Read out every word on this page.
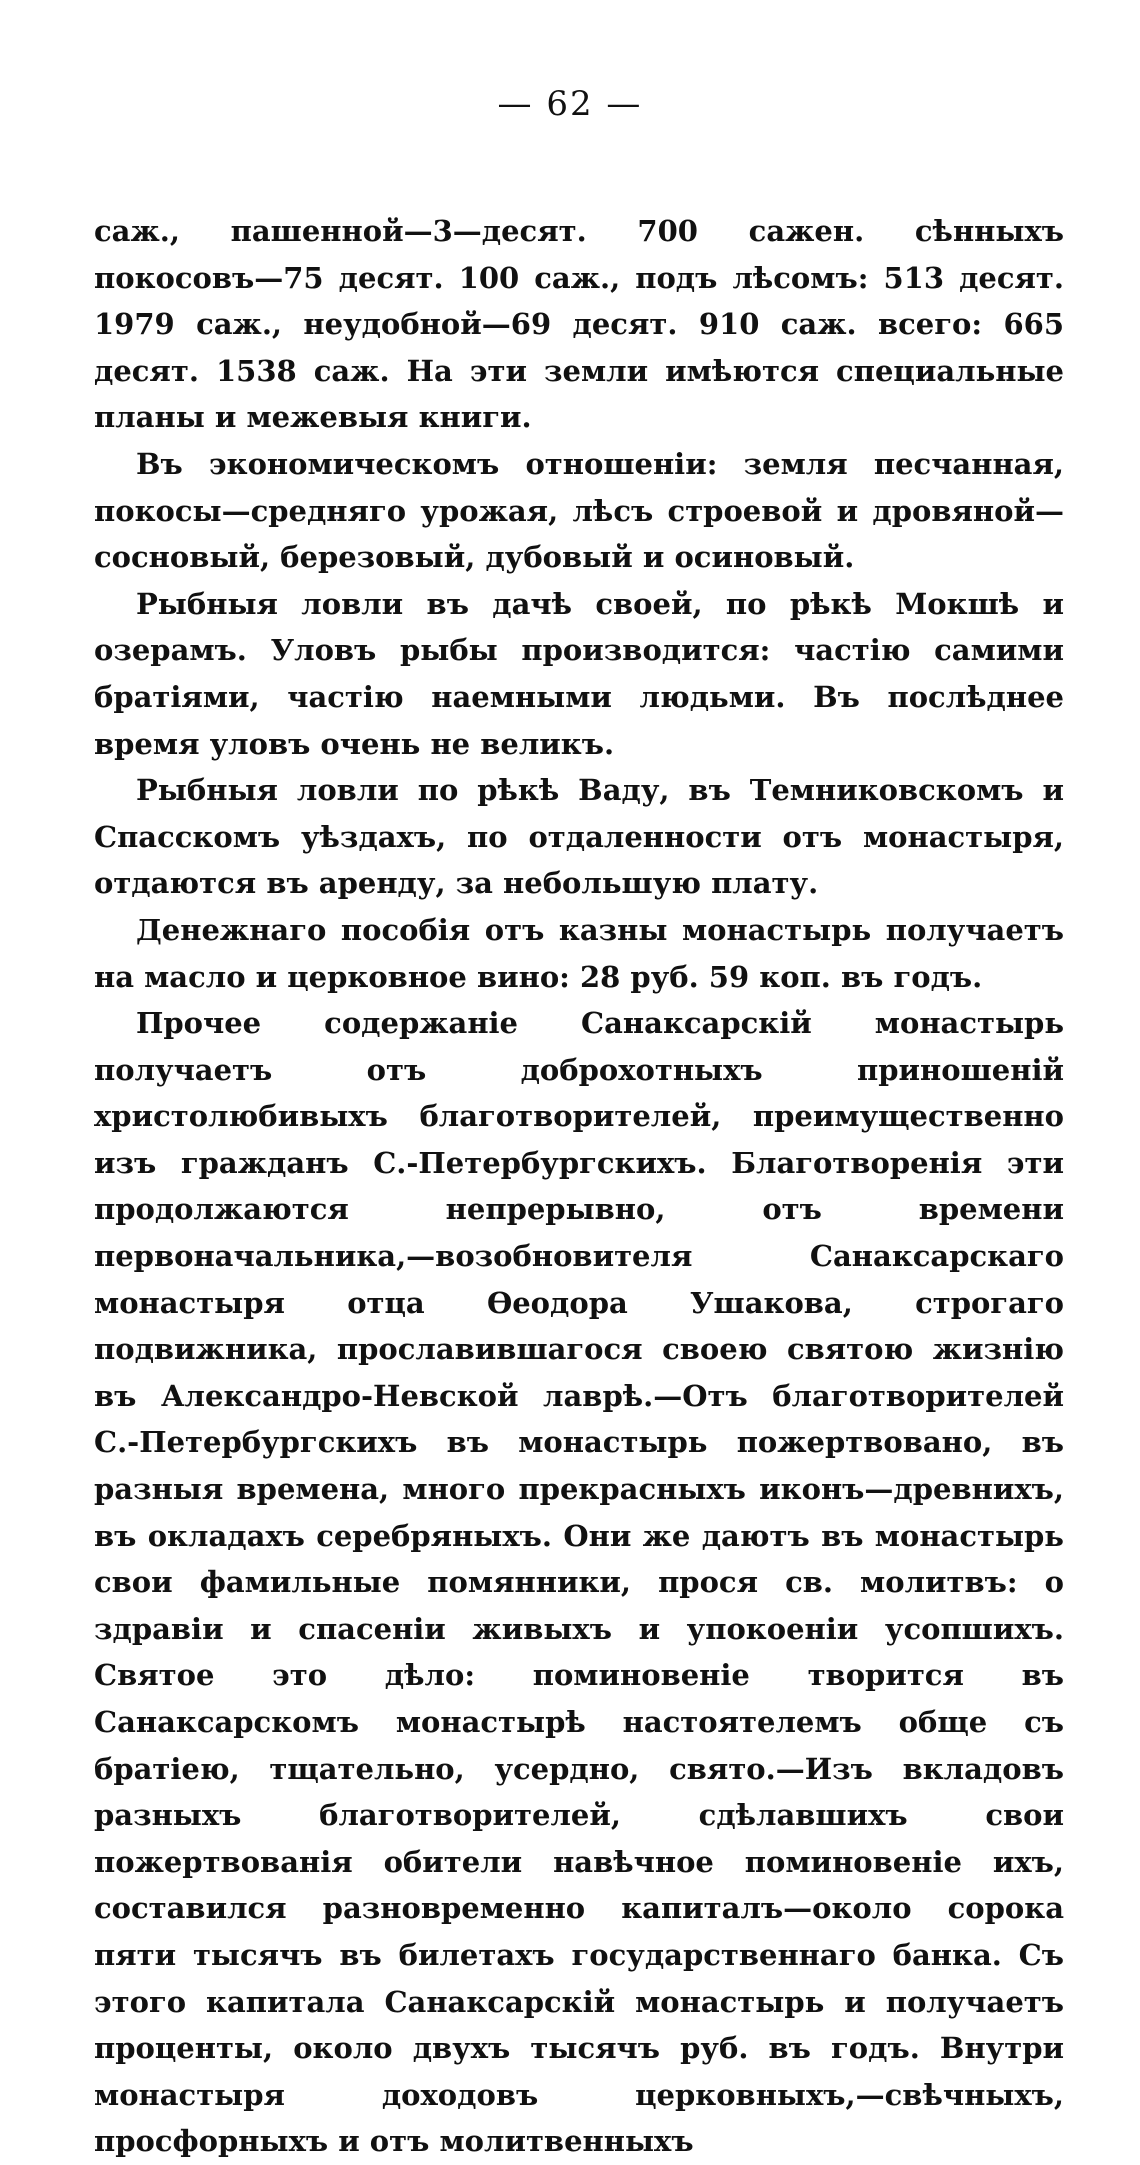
— 62 —

саж., пашенной—3—десят. 700 сажен. сѣнныхъ покосовъ—75 десят. 100 саж., подъ лѣсомъ: 513 десят. 1979 саж., неудобной—69 десят. 910 саж. всего: 665 десят. 1538 саж. На эти земли имѣются специальные планы и межевыя книги.

Въ экономическомъ отношеніи: земля песчанная, покосы—средняго урожая, лѣсъ строевой и дровяной—сосновый, березовый, дубовый и осиновый.

Рыбныя ловли въ дачѣ своей, по рѣкѣ Мокшѣ и озерамъ. Уловъ рыбы производится: частію самими братіями, частію наемными людьми. Въ послѣднее время уловъ очень не великъ.

Рыбныя ловли по рѣкѣ Ваду, въ Темниковскомъ и Спасскомъ уѣздахъ, по отдаленности отъ монастыря, отдаются въ аренду, за небольшую плату.

Денежнаго пособія отъ казны монастырь получаетъ на масло и церковное вино: 28 руб. 59 коп. въ годъ.

Прочее содержаніе Санаксарскій монастырь получаетъ отъ доброхотныхъ приношеній христолюбивыхъ благотворителей, преимущественно изъ гражданъ С.-Петербургскихъ. Благотворенія эти продолжаются непрерывно, отъ времени первоначальника,—возобновителя Санаксарскаго монастыря отца Ѳеодора Ушакова, строгаго подвижника, прославившагося своею святою жизнію въ Александро-Невской лаврѣ.—Отъ благотворителей С.-Петербургскихъ въ монастырь пожертвовано, въ разныя времена, много прекрасныхъ иконъ—древнихъ, въ окладахъ серебряныхъ. Они же даютъ въ монастырь свои фамильные помянники, прося св. молитвъ: о здравіи и спасеніи живыхъ и упокоеніи усопшихъ. Святое это дѣло: поминовеніе творится въ Санаксарскомъ монастырѣ настоятелемъ обще съ братіею, тщательно, усердно, свято.—Изъ вкладовъ разныхъ благотворителей, сдѣлавшихъ свои пожертвованія обители навѣчное поминовеніе ихъ, составился разновременно капиталъ—около сорока пяти тысячъ въ билетахъ государственнаго банка. Съ этого капитала Санаксарскій монастырь и получаетъ проценты, около двухъ тысячъ руб. въ годъ. Внутри монастыря доходовъ церковныхъ,—свѣчныхъ, просфорныхъ и отъ молитвенныхъ
